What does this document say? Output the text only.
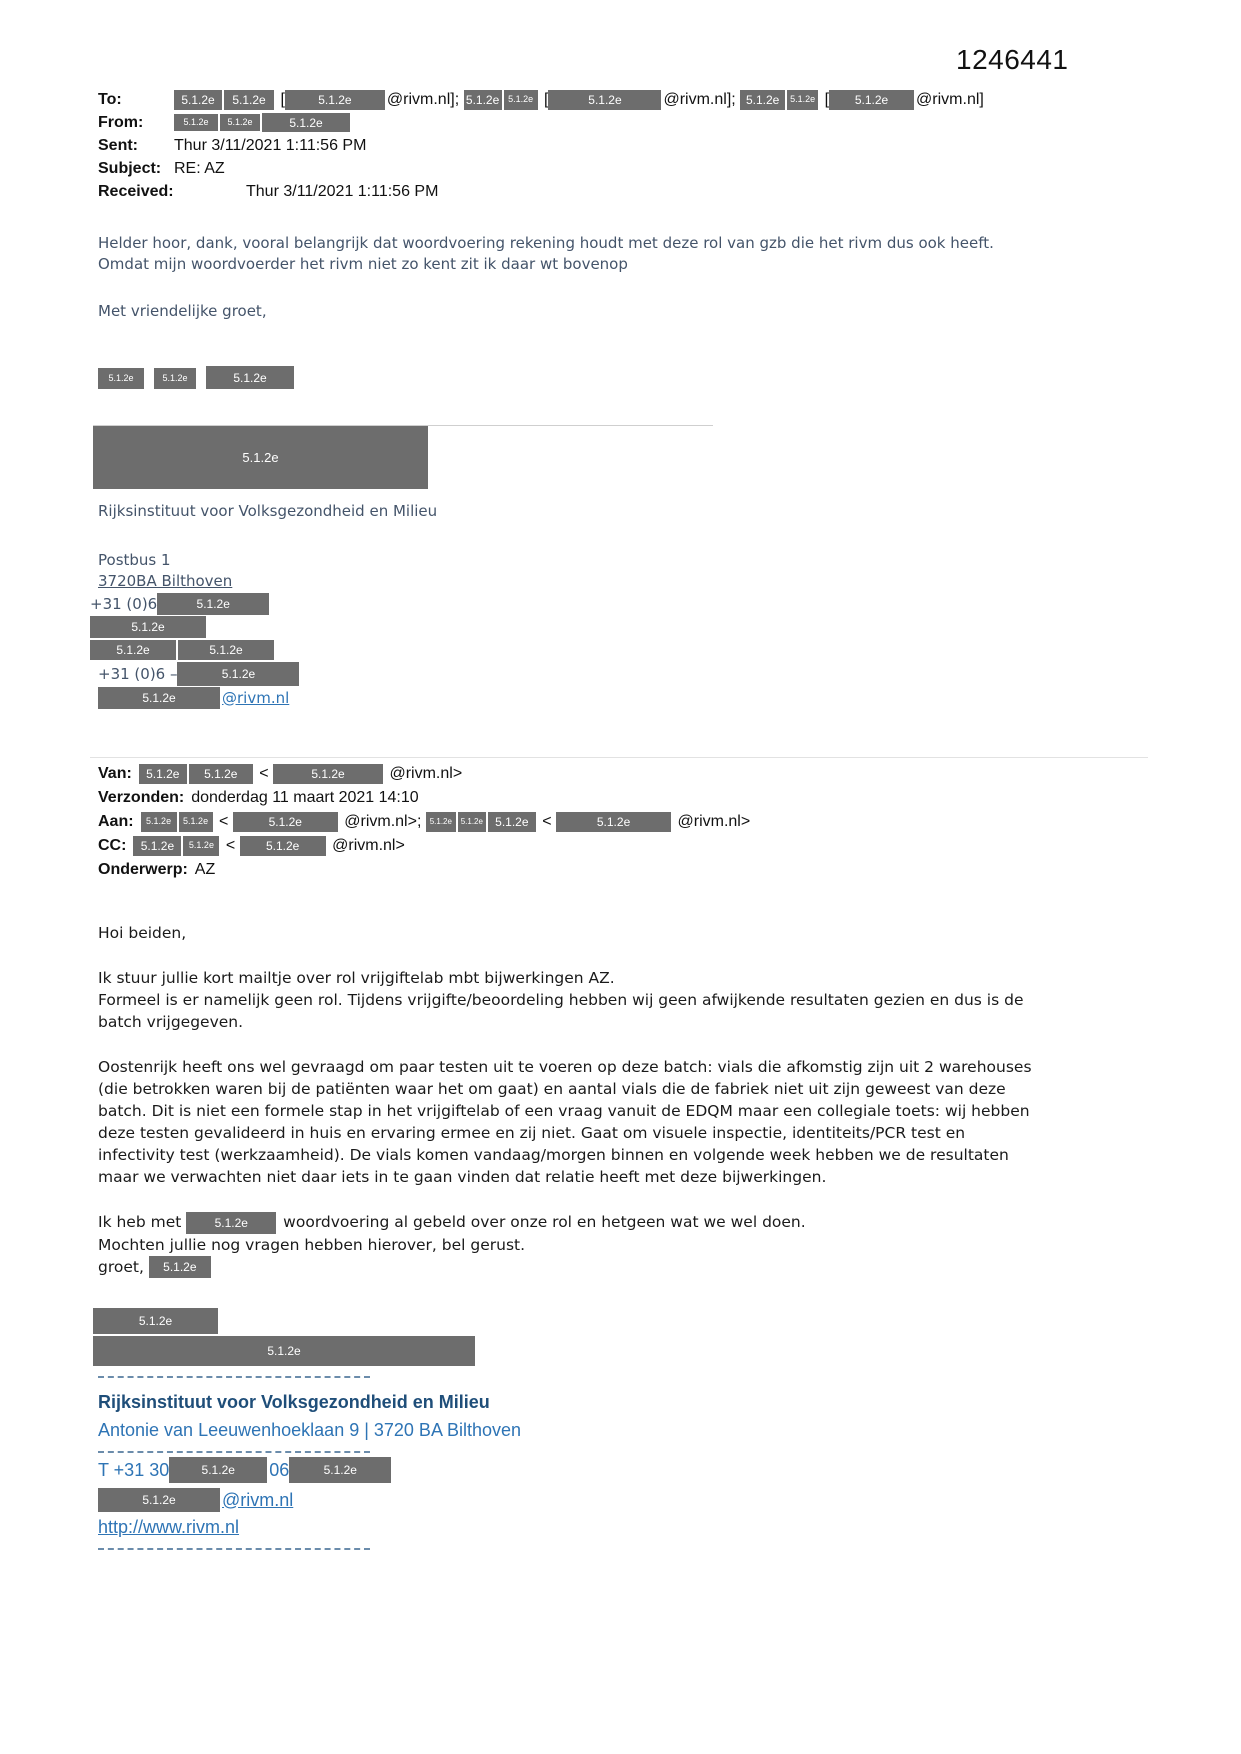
1246441
To:	5.1.2e 5.1.2e [	5.1.2e @rivm.nl]; 5.1.2e 5.1.2e [	5.1.2e	@rivm.nl]; 5.1.2e 5.1.2e [ 5.1.2e @rivm.nl]
From:	5.1.2e 5.1.2e	5.1.2e
Sent:	Thur 3/11/2021 1:11:56 PM
Subject: RE: AZ
Received:	Thur 3/11/2021 1:11:56 PM
Helder hoor, dank, vooral belangrijk dat woordvoering rekening houdt met deze rol van gzb die het rivm dus ook heeft. Omdat mijn woordvoerder het rivm niet zo kent zit ik daar wt bovenop
Met vriendelijke groet,
5.1.2e	5.1.2e	5.1.2e
5.1.2e
Rijksinstituut voor Volksgezondheid en Milieu
Postbus 1
3720BA Bilthoven
+31 (0)6	5.1.2e
5.1.2e
5.1.2e	5.1.2e
+31 (0)6 –	5.1.2e
5.1.2e	@rivm.nl
Van:	5.1.2e 5.1.2e <	5.1.2e	@rivm.nl>
Verzonden: donderdag 11 maart 2021 14:10
Aan:	5.1.2e 5.1.2e <	5.1.2e @rivm.nl>; 5.1.2e 5.1.2e 5.1.2e <	5.1.2e	@rivm.nl>
CC:	5.1.2e 5.1.2e < 5.1.2e @rivm.nl>
Onderwerp: AZ
Hoi beiden,
Ik stuur jullie kort mailtje over rol vrijgiftelab mbt bijwerkingen AZ.
Formeel is er namelijk geen rol. Tijdens vrijgifte/beoordeling hebben wij geen afwijkende resultaten gezien en dus is de batch vrijgegeven.
Oostenrijk heeft ons wel gevraagd om paar testen uit te voeren op deze batch: vials die afkomstig zijn uit 2 warehouses (die betrokken waren bij de patiënten waar het om gaat) en aantal vials die de fabriek niet uit zijn geweest van deze batch. Dit is niet een formele stap in het vrijgiftelab of een vraag vanuit de EDQM maar een collegiale toets: wij hebben deze testen gevalideerd in huis en ervaring ermee en zij niet. Gaat om visuele inspectie, identiteits/PCR test en infectivity test (werkzaamheid). De vials komen vandaag/morgen binnen en volgende week hebben we de resultaten maar we verwachten niet daar iets in te gaan vinden dat relatie heeft met deze bijwerkingen.
Ik heb met 5.1.2e woordvoering al gebeld over onze rol en hetgeen wat we wel doen.
Mochten jullie nog vragen hebben hierover, bel gerust.
groet, 5.1.2e
5.1.2e
5.1.2e
Rijksinstituut voor Volksgezondheid en Milieu
Antonie van Leeuwenhoeklaan 9 | 3720 BA Bilthoven
T +31 30	5.1.2e	06	5.1.2e
5.1.2e	@rivm.nl
http://www.rivm.nl
